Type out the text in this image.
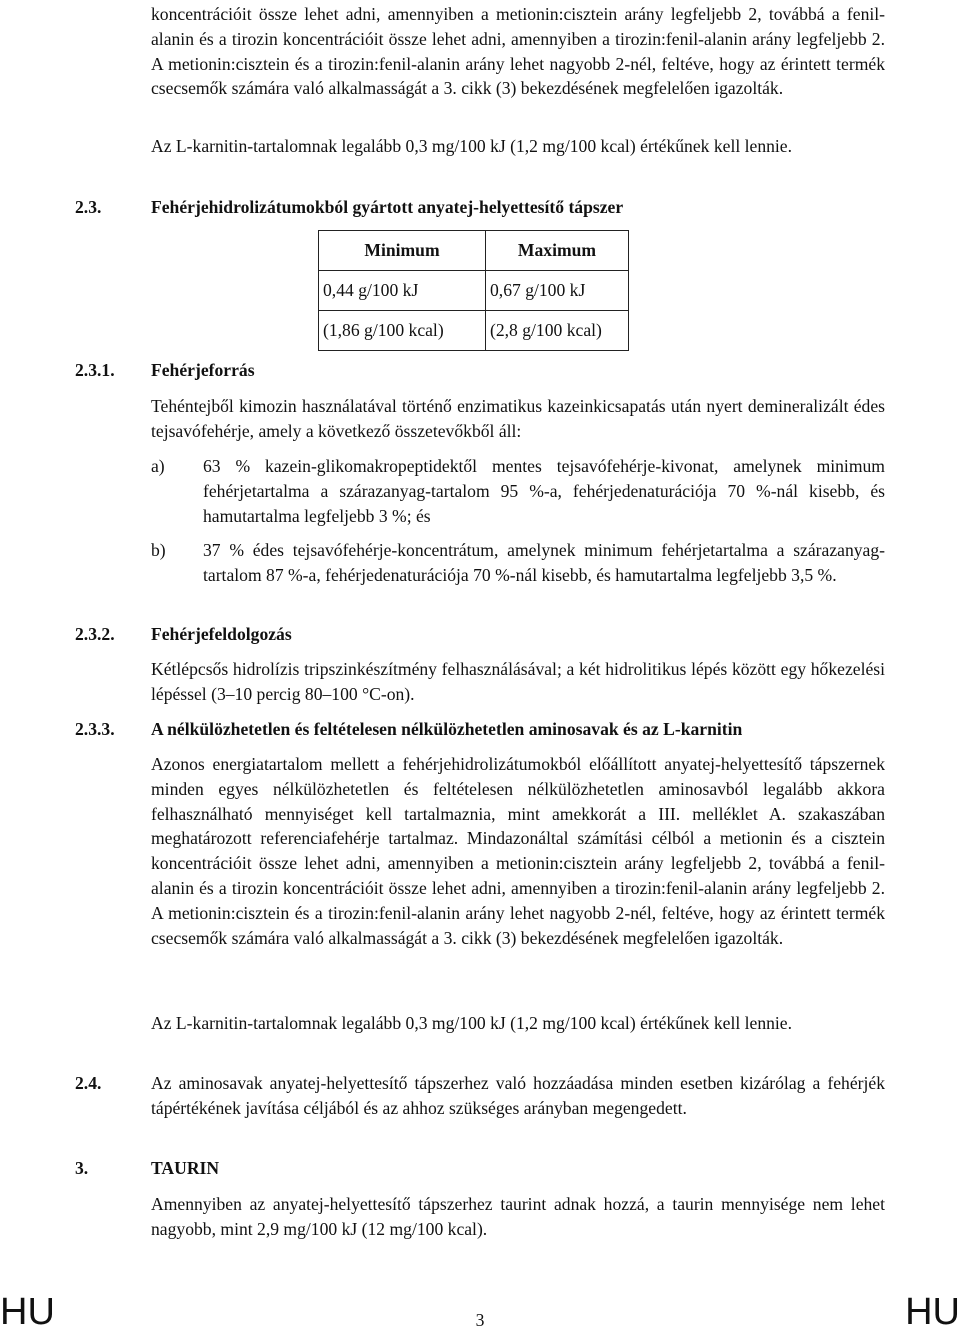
koncentrációit össze lehet adni, amennyiben a metionin:cisztein arány legfeljebb 2, továbbá a fenil-alanin és a tirozin koncentrációit össze lehet adni, amennyiben a tirozin:fenil-alanin arány legfeljebb 2. A metionin:cisztein és a tirozin:fenil-alanin arány lehet nagyobb 2-nél, feltéve, hogy az érintett termék csecsemők számára való alkalmasságát a 3. cikk (3) bekezdésének megfelelően igazolták.
Az L-karnitin-tartalomnak legalább 0,3 mg/100 kJ (1,2 mg/100 kcal) értékűnek kell lennie.
2.3.	Fehérjehidrolizátumokból gyártott anyatej-helyettesítő tápszer
Minimum	Maximum
0,44 g/100 kJ	0,67 g/100 kJ
(1,86 g/100 kcal)	(2,8 g/100 kcal)
2.3.1. Fehérjeforrás
Tehéntejből kimozin használatával történő enzimatikus kazeinkicsapatás után nyert demineralizált édes tejsavófehérje, amely a következő összetevőkből áll:
a) 63 % kazein-glikomakropeptidektől mentes tejsavófehérje-kivonat, amelynek minimum fehérjetartalma a szárazanyag-tartalom 95 %-a, fehérjedenaturációja 70 %-nál kisebb, és hamutartalma legfeljebb 3 %; és
b) 37 % édes tejsavófehérje-koncentrátum, amelynek minimum fehérjetartalma a szárazanyag-tartalom 87 %-a, fehérjedenaturációja 70 %-nál kisebb, és hamutartalma legfeljebb 3,5 %.
2.3.2. Fehérjefeldolgozás
Kétlépcsős hidrolízis tripszinkészítmény felhasználásával; a két hidrolitikus lépés között egy hőkezelési lépéssel (3–10 percig 80–100 °C-on).
2.3.3. A nélkülözhetetlen és feltételesen nélkülözhetetlen aminosavak és az L-karnitin
Azonos energiatartalom mellett a fehérjehidrolizátumokból előállított anyatej-helyettesítő tápszernek minden egyes nélkülözhetetlen és feltételesen nélkülözhetetlen aminosavból legalább akkora felhasználható mennyiséget kell tartalmaznia, mint amekkorát a III. melléklet A. szakaszában meghatározott referenciafehérje tartalmaz. Mindazonáltal számítási célból a metionin és a cisztein koncentrációit össze lehet adni, amennyiben a metionin:cisztein arány legfeljebb 2, továbbá a fenil-alanin és a tirozin koncentrációit össze lehet adni, amennyiben a tirozin:fenil-alanin arány legfeljebb 2. A metionin:cisztein és a tirozin:fenil-alanin arány lehet nagyobb 2-nél, feltéve, hogy az érintett termék csecsemők számára való alkalmasságát a 3. cikk (3) bekezdésének megfelelően igazolták.
Az L-karnitin-tartalomnak legalább 0,3 mg/100 kJ (1,2 mg/100 kcal) értékűnek kell lennie.
2.4.	Az aminosavak anyatej-helyettesítő tápszerhez való hozzáadása minden esetben kizárólag a fehérjék tápértékének javítása céljából és az ahhoz szükséges arányban megengedett.
3.	TAURIN
Amennyiben az anyatej-helyettesítő tápszerhez taurint adnak hozzá, a taurin mennyisége nem lehet nagyobb, mint 2,9 mg/100 kJ (12 mg/100 kcal).
HU	3	HU
